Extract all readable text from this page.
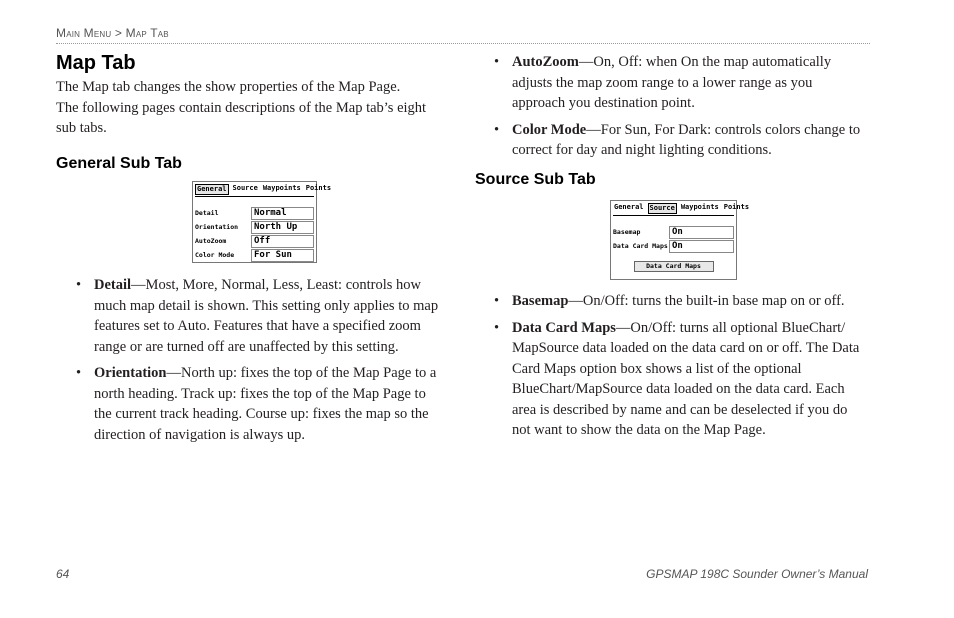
Main Menu > Map Tab
Map Tab
The Map tab changes the show properties of the Map Page.
The following pages contain descriptions of the Map tab’s eight sub tabs.
General Sub Tab
General Source Waypoints Points
Detail	Normal
Orientation	North Up
AutoZoom	Off
Color Mode	For Sun
• Detail—Most, More, Normal, Less, Least: controls how much map detail is shown. This setting only applies to map features set to Auto. Features that have a specified zoom range or are turned off are unaffected by this setting.
• Orientation—North up: fixes the top of the Map Page to a north heading. Track up: fixes the top of the Map Page to the current track heading. Course up: fixes the map so the direction of navigation is always up.
• AutoZoom—On, Off: when On the map automatically adjusts the map zoom range to a lower range as you approach you destination point.
• Color Mode—For Sun, For Dark: controls colors change to correct for day and night lighting conditions.
Source Sub Tab
General Source Waypoints Points
Basemap	On
Data Card Maps On
Data Card Maps
• Basemap—On/Off: turns the built-in base map on or off.
• Data Card Maps—On/Off: turns all optional BlueChart/ MapSource data loaded on the data card on or off. The Data Card Maps option box shows a list of the optional BlueChart/MapSource data loaded on the data card. Each area is described by name and can be deselected if you do not want to show the data on the Map Page.
64	GPSMAP 198C Sounder Owner’s Manual
